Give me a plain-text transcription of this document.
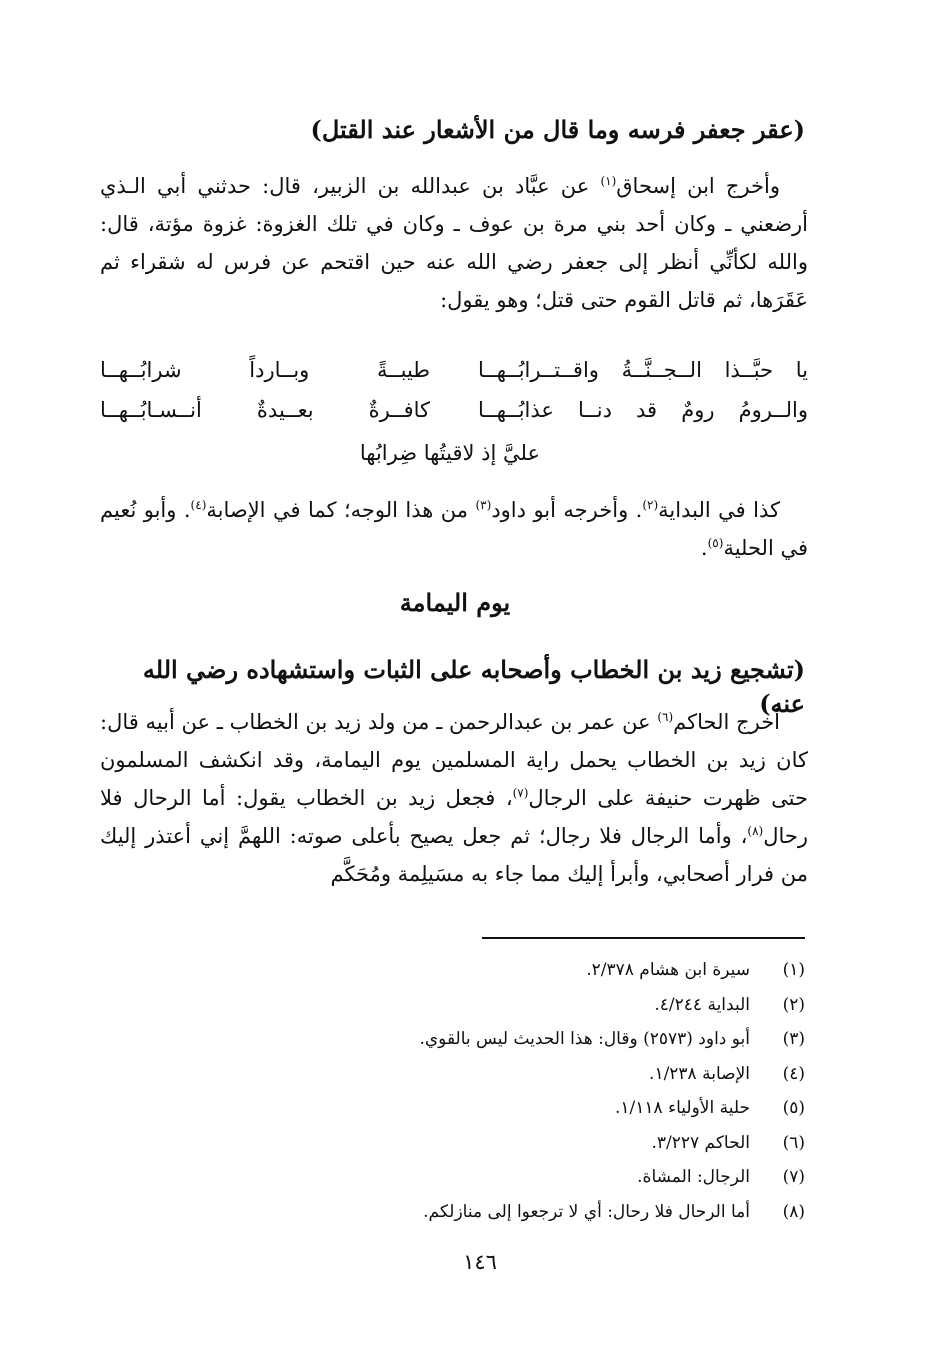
(عقر جعفر فرسه وما قال من الأشعار عند القتل)
وأخرج ابن إسحاق$^{(١)}$ عن عبَّاد بن عبدالله بن الزبير، قال: حدثني أبي الـذي أرضعني ـ وكان أحد بني مرة بن عوف ـ وكان في تلك الغزوة: غزوة مؤتة، قال: والله لكأنِّي أنظر إلى جعفر رضي الله عنه حين اقتحم عن فرس له شقراء ثم عَقَرَها، ثم قاتل القوم حتى قتل؛ وهو يقول:
يا حبَّــذا الــجــنَّــةُ واقــتــرابُــهــا
طيبــةً وبــارداً شرابُــهــا
والــرومُ رومٌ قد دنــا عذابُــهــا
كافــرةٌ بعــيدةٌ أنــسـابُــهــا
عليَّ إذ لاقيتُها ضِرابُها
كذا في البداية$^{(٢)}$. وأخرجه أبو داود$^{(٣)}$ من هذا الوجه؛ كما في الإصابة$^{(٤)}$. وأبو نُعيم في الحلية$^{(٥)}$.
يوم اليمامة
(تشجيع زيد بن الخطاب وأصحابه على الثبات واستشهاده رضي الله عنه)
أخرج الحاكم$^{(٦)}$ عن عمر بن عبدالرحمن ـ من ولد زيد بن الخطاب ـ عن أبيه قال: كان زيد بن الخطاب يحمل راية المسلمين يوم اليمامة، وقد انكشف المسلمون حتى ظهرت حنيفة على الرجال$^{(٧)}$، فجعل زيد بن الخطاب يقول: أما الرحال فلا رحال$^{(٨)}$، وأما الرجال فلا رجال؛ ثم جعل يصيح بأعلى صوته: اللهمَّ إني أعتذر إليك من فرار أصحابي، وأبرأ إليك مما جاء به مسَيلِمة ومُحَكَّم
(١)سيرة ابن هشام ٢/٣٧٨.
(٢)البداية ٤/٢٤٤.
(٣)أبو داود (٢٥٧٣) وقال: هذا الحديث ليس بالقوي.
(٤)الإصابة ١/٢٣٨.
(٥)حلية الأولياء ١/١١٨.
(٦)الحاكم ٣/٢٢٧.
(٧)الرجال: المشاة.
(٨)أما الرحال فلا رحال: أي لا ترجعوا إلى منازلكم.
١٤٦
